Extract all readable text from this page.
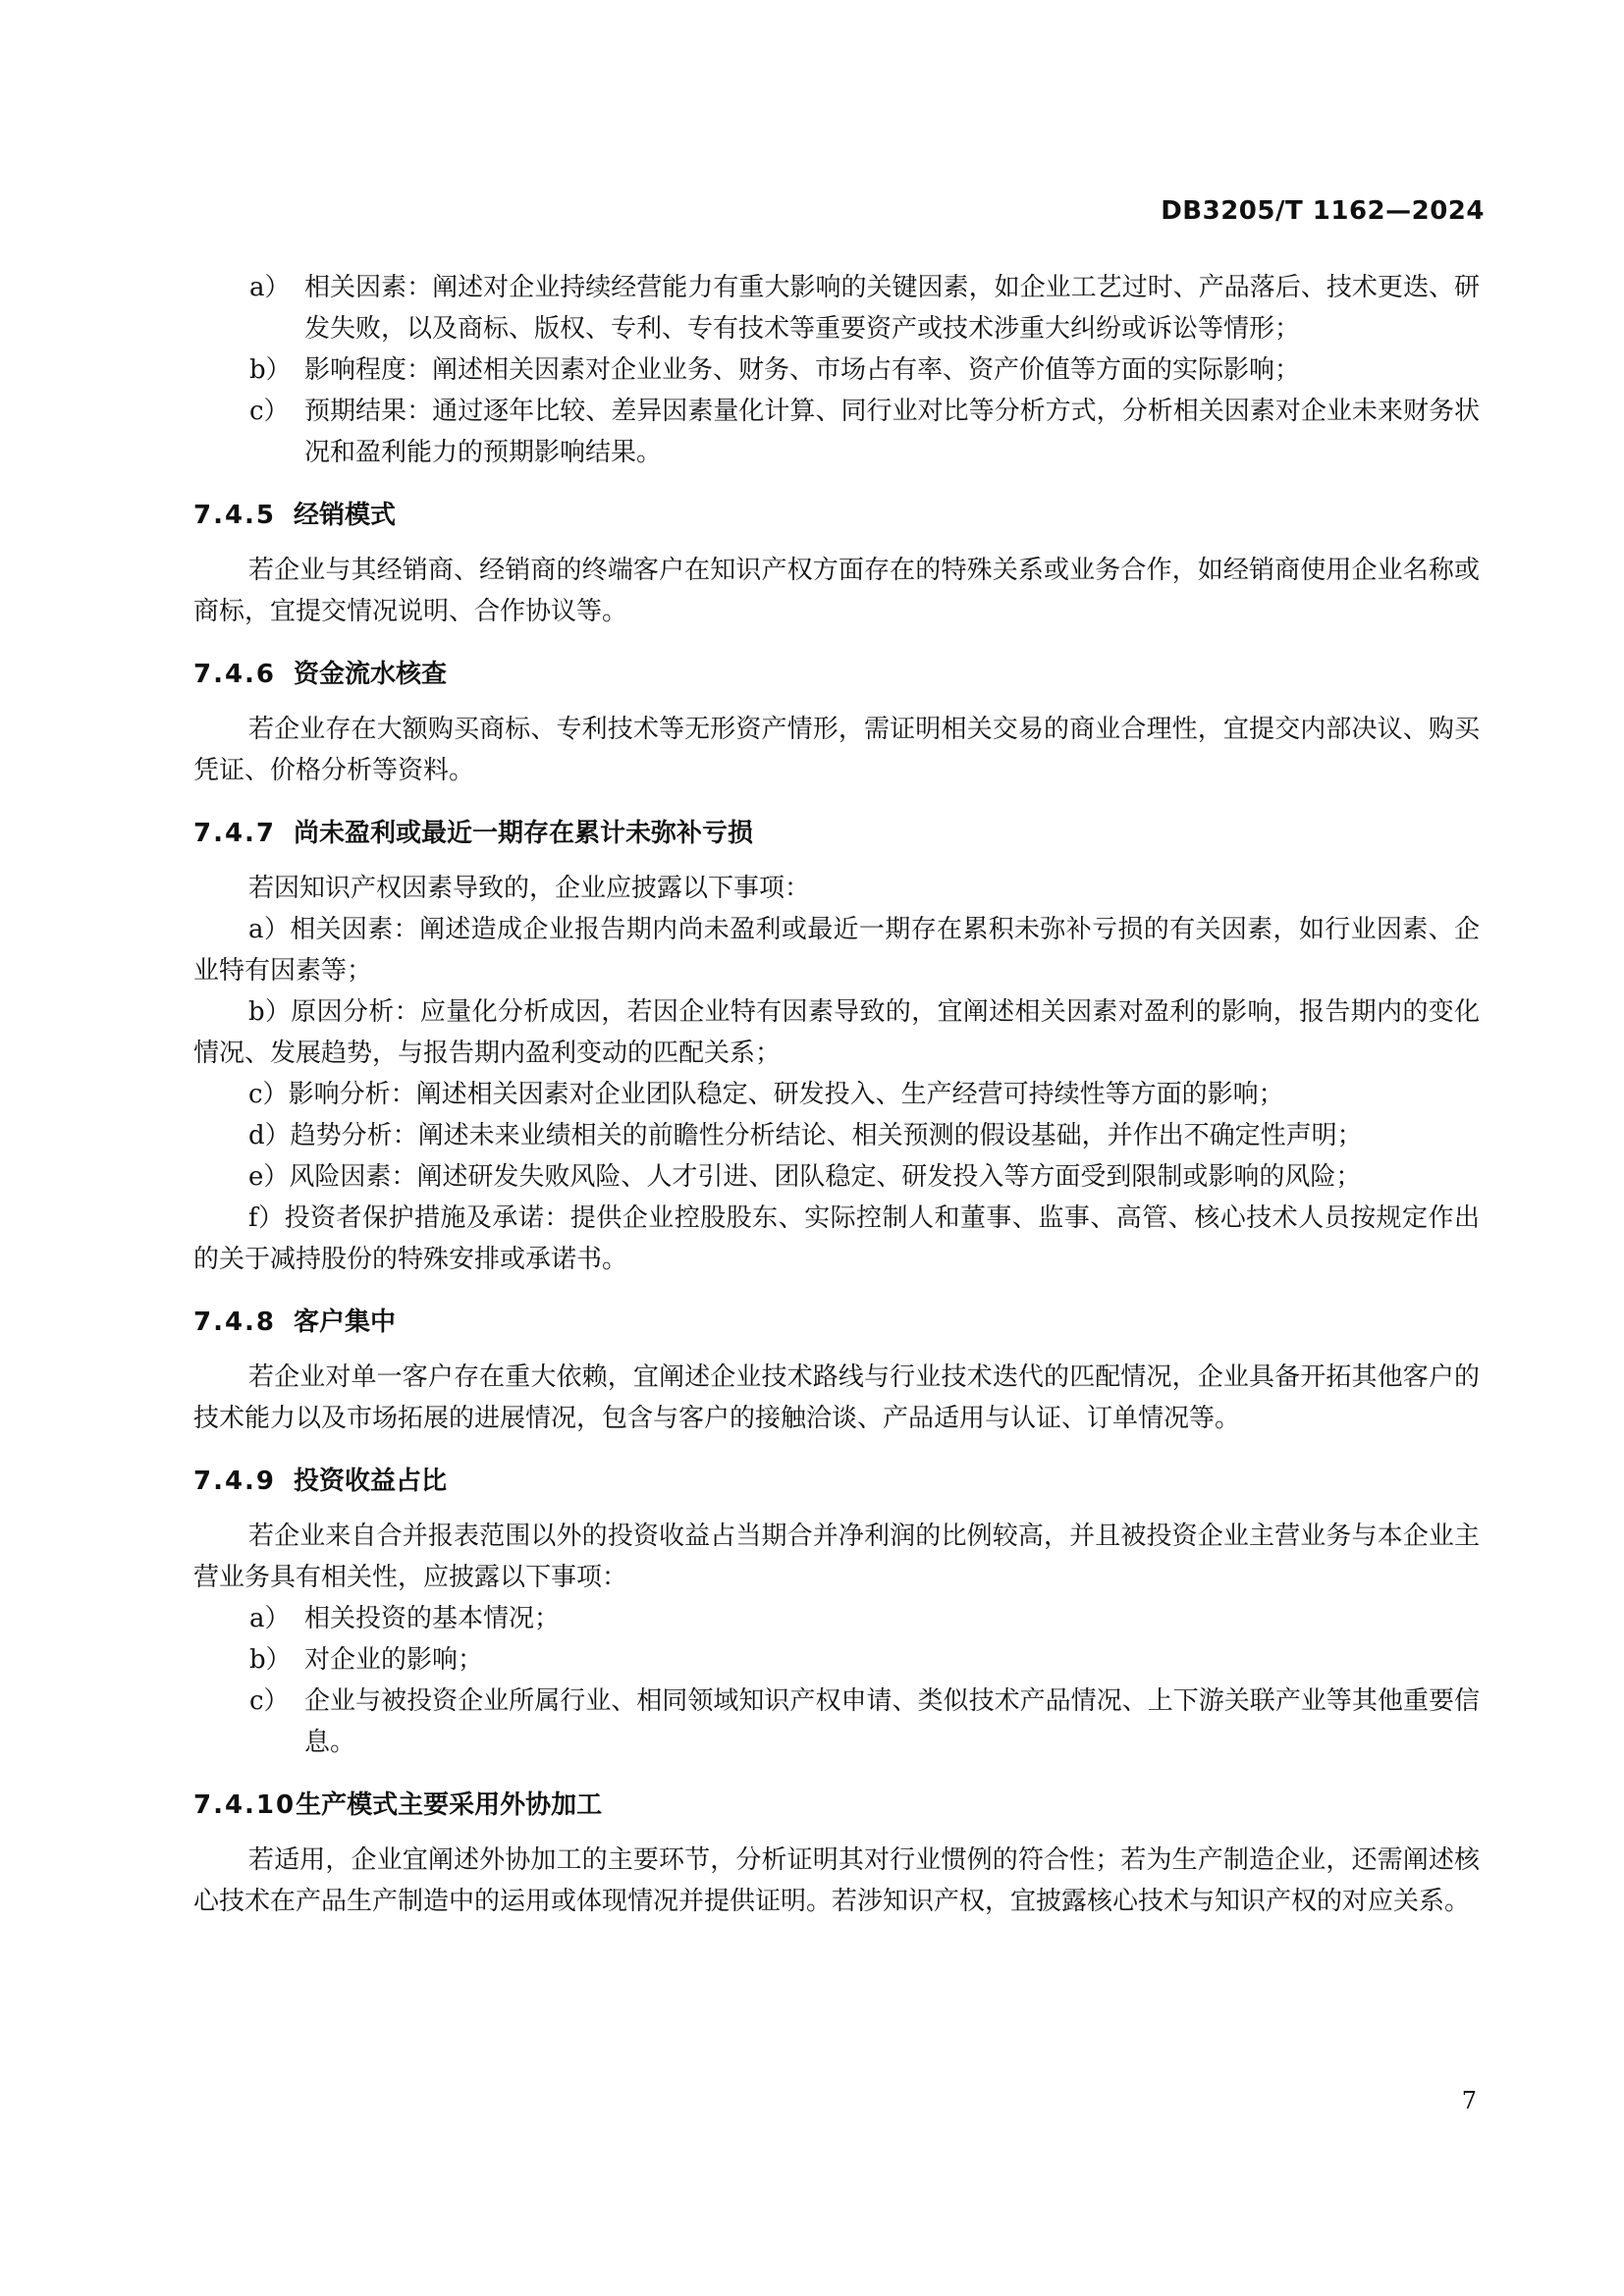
DB3205/T 1162—2024
a） 相关因素：阐述对企业持续经营能力有重大影响的关键因素，如企业工艺过时、产品落后、技术更迭、研发失败，以及商标、版权、专利、专有技术等重要资产或技术涉重大纠纷或诉讼等情形；
b） 影响程度：阐述相关因素对企业业务、财务、市场占有率、资产价值等方面的实际影响；
c） 预期结果：通过逐年比较、差异因素量化计算、同行业对比等分析方式，分析相关因素对企业未来财务状况和盈利能力的预期影响结果。
7.4.5 经销模式

若企业与其经销商、经销商的终端客户在知识产权方面存在的特殊关系或业务合作，如经销商使用企业名称或商标，宜提交情况说明、合作协议等。

7.4.6 资金流水核查

若企业存在大额购买商标、专利技术等无形资产情形，需证明相关交易的商业合理性，宜提交内部决议、购买凭证、价格分析等资料。

7.4.7 尚未盈利或最近一期存在累计未弥补亏损

若因知识产权因素导致的，企业应披露以下事项：

a）相关因素：阐述造成企业报告期内尚未盈利或最近一期存在累积未弥补亏损的有关因素，如行业因素、企业特有因素等；
b）原因分析：应量化分析成因，若因企业特有因素导致的，宜阐述相关因素对盈利的影响，报告期内的变化情况、发展趋势，与报告期内盈利变动的匹配关系；
c）影响分析：阐述相关因素对企业团队稳定、研发投入、生产经营可持续性等方面的影响；
d）趋势分析：阐述未来业绩相关的前瞻性分析结论、相关预测的假设基础，并作出不确定性声明；
e）风险因素：阐述研发失败风险、人才引进、团队稳定、研发投入等方面受到限制或影响的风险；
f）投资者保护措施及承诺：提供企业控股股东、实际控制人和董事、监事、高管、核心技术人员按规定作出的关于减持股份的特殊安排或承诺书。
7.4.8 客户集中

若企业对单一客户存在重大依赖，宜阐述企业技术路线与行业技术迭代的匹配情况，企业具备开拓其他客户的技术能力以及市场拓展的进展情况，包含与客户的接触洽谈、产品适用与认证、订单情况等。

7.4.9 投资收益占比

若企业来自合并报表范围以外的投资收益占当期合并净利润的比例较高，并且被投资企业主营业务与本企业主营业务具有相关性，应披露以下事项：

a） 相关投资的基本情况；
b） 对企业的影响；
c） 企业与被投资企业所属行业、相同领域知识产权申请、类似技术产品情况、上下游关联产业等其他重要信息。
7.4.10生产模式主要采用外协加工

若适用，企业宜阐述外协加工的主要环节，分析证明其对行业惯例的符合性；若为生产制造企业，还需阐述核心技术在产品生产制造中的运用或体现情况并提供证明。若涉知识产权，宜披露核心技术与知识产权的对应关系。

7
